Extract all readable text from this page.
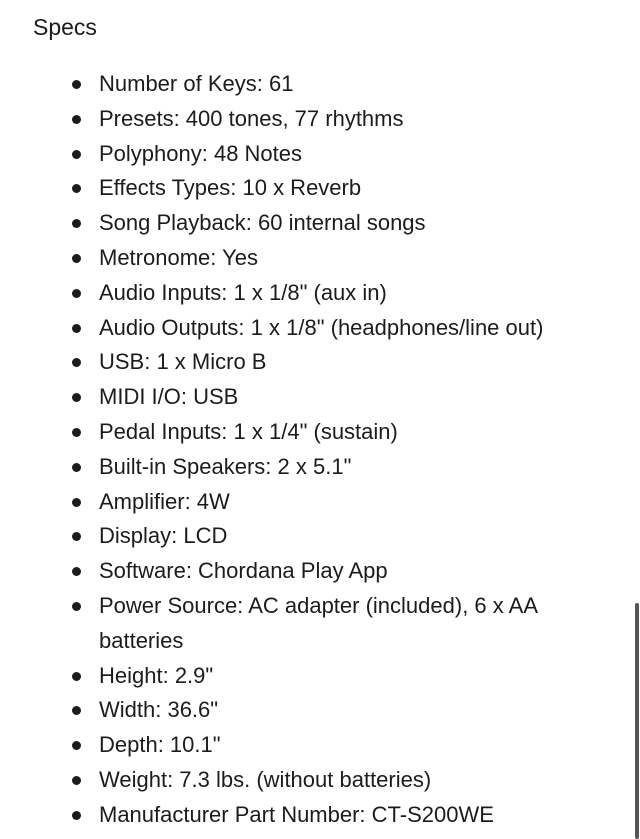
Specs
Number of Keys: 61
Presets: 400 tones, 77 rhythms
Polyphony: 48 Notes
Effects Types: 10 x Reverb
Song Playback: 60 internal songs
Metronome: Yes
Audio Inputs: 1 x 1/8" (aux in)
Audio Outputs: 1 x 1/8" (headphones/line out)
USB: 1 x Micro B
MIDI I/O: USB
Pedal Inputs: 1 x 1/4" (sustain)
Built-in Speakers: 2 x 5.1"
Amplifier: 4W
Display: LCD
Software: Chordana Play App
Power Source: AC adapter (included), 6 x AA batteries
Height: 2.9"
Width: 36.6"
Depth: 10.1"
Weight: 7.3 lbs. (without batteries)
Manufacturer Part Number: CT-S200WE
